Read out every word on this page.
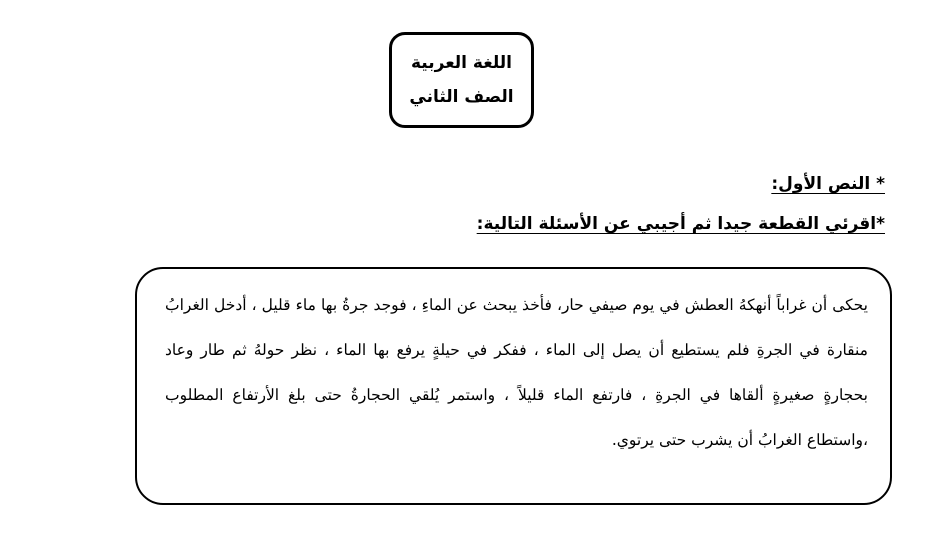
اللغة العربية
الصف الثاني
* النص الأول:
*اقرئي القطعة جيدا ثم أجيبي عن الأسئلة التالية:

يحكى أن غراباً أنهكهُ العطش في يوم صيفي حار، فأخذ يبحث عن الماءِ ، فوجد جرةُ بها ماء قليل ، أدخل الغرابُ منقارة في الجرةِ فلم يستطيع أن يصل إلى الماء ، ففكر في حيلةٍ يرفع بها الماء ، نظر حولهُ ثم طار وعاد بحجارةٍ صغيرةٍ ألقاها في الجرةِ ، فارتفع الماء قليلاً ، واستمر يُلقي الحجارةُ حتى بلغ الأرتفاع المطلوب ،واستطاع الغرابُ أن يشرب حتى يرتوي.
